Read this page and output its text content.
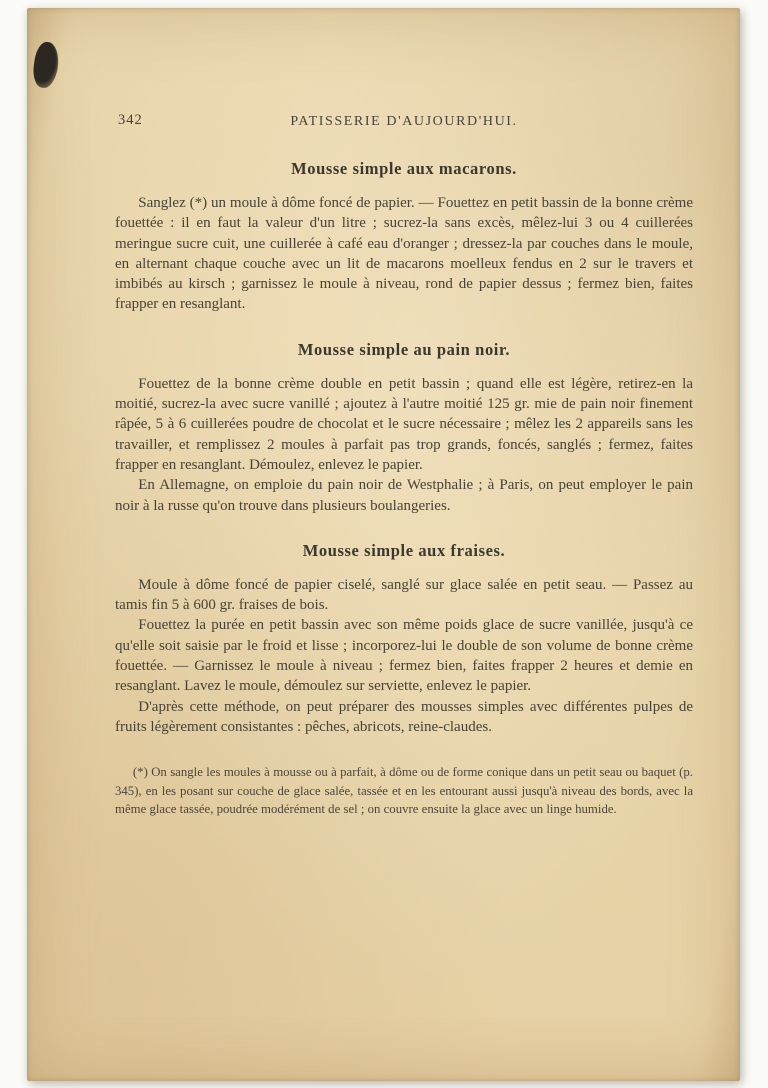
342	PATISSERIE D'AUJOURD'HUI.
Mousse simple aux macarons.

Sanglez (*) un moule à dôme foncé de papier. — Fouettez en petit bassin de la bonne crème fouettée : il en faut la valeur d'un litre ; sucrez-la sans excès, mêlez-lui 3 ou 4 cuillerées meringue sucre cuit, une cuillerée à café eau d'oranger ; dressez-la par couches dans le moule, en alternant chaque couche avec un lit de macarons moelleux fendus en 2 sur le travers et imbibés au kirsch ; garnissez le moule à niveau, rond de papier dessus ; fermez bien, faites frapper en resanglant.

Mousse simple au pain noir.

Fouettez de la bonne crème double en petit bassin ; quand elle est légère, retirez-en la moitié, sucrez-la avec sucre vanillé ; ajoutez à l'autre moitié 125 gr. mie de pain noir finement râpée, 5 à 6 cuillerées poudre de chocolat et le sucre nécessaire ; mêlez les 2 appareils sans les travailler, et remplissez 2 moules à parfait pas trop grands, foncés, sanglés ; fermez, faites frapper en resanglant. Démoulez, enlevez le papier.

En Allemagne, on emploie du pain noir de Westphalie ; à Paris, on peut employer le pain noir à la russe qu'on trouve dans plusieurs boulangeries.

Mousse simple aux fraises.

Moule à dôme foncé de papier ciselé, sanglé sur glace salée en petit seau. — Passez au tamis fin 5 à 600 gr. fraises de bois.

Fouettez la purée en petit bassin avec son même poids glace de sucre vanillée, jusqu'à ce qu'elle soit saisie par le froid et lisse ; incorporez-lui le double de son volume de bonne crème fouettée. — Garnissez le moule à niveau ; fermez bien, faites frapper 2 heures et demie en resanglant. Lavez le moule, démoulez sur serviette, enlevez le papier.

D'après cette méthode, on peut préparer des mousses simples avec différentes pulpes de fruits légèrement consistantes : pêches, abricots, reine-claudes.

(*) On sangle les moules à mousse ou à parfait, à dôme ou de forme conique dans un petit seau ou baquet (p. 345), en les posant sur couche de glace salée, tassée et en les entourant aussi jusqu'à niveau des bords, avec la même glace tassée, poudrée modérément de sel ; on couvre ensuite la glace avec un linge humide.
